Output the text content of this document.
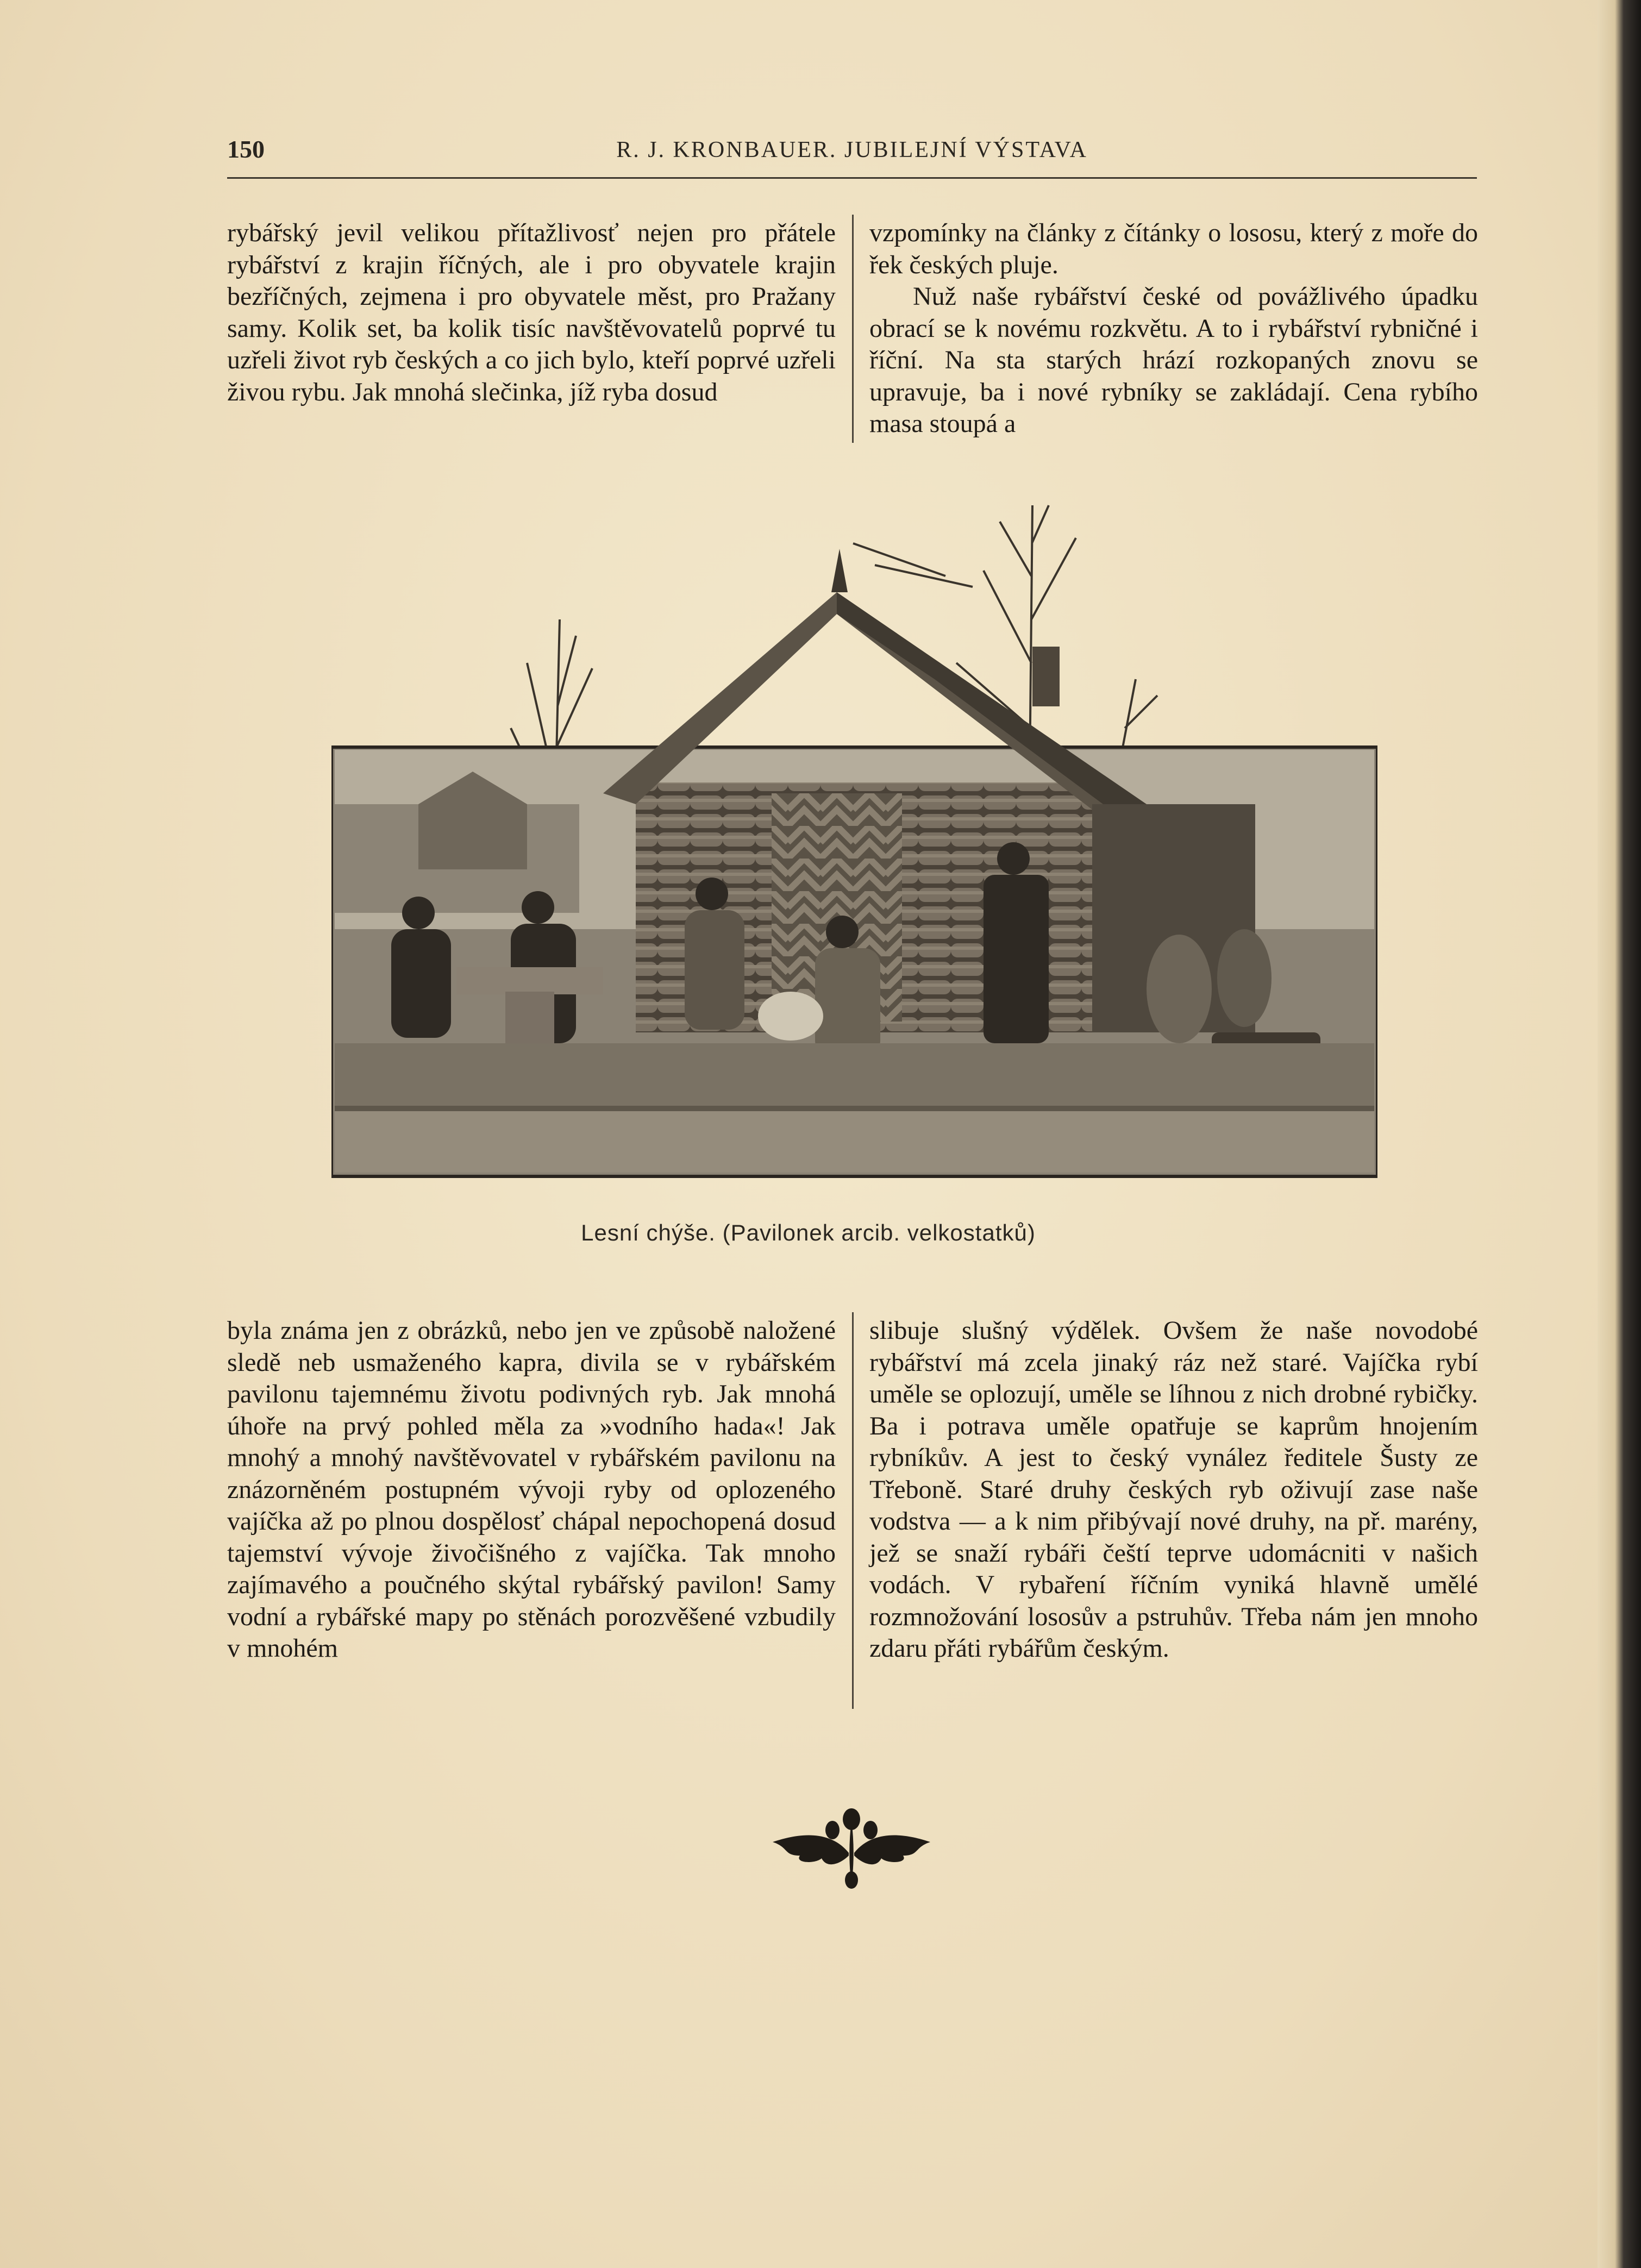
150	R. J. KRONBAUER. JUBILEJNÍ VÝSTAVA

rybářský jevil velikou přítažlivosť nejen pro přátele rybářství z krajin říčných, ale i pro obyvatele krajin bezříčných, zejmena i pro obyvatele měst, pro Pražany samy. Kolik set, ba kolik tisíc navštěvovatelů poprvé tu uzřeli život ryb českých a co jich bylo, kteří poprvé uzřeli živou rybu. Jak mnohá slečinka, jíž ryba dosud

vzpomínky na články z čítánky o lososu, který z moře do řek českých pluje.

Nuž naše rybářství české od povážlivého úpadku obrací se k novému rozkvětu. A to i rybářství rybničné i říční. Na sta starých hrází rozkopaných znovu se upravuje, ba i nové rybníky se zakládají. Cena rybího masa stoupá a

Lesní chýše. (Pavilonek arcib. velkostatků)

byla známa jen z obrázků, nebo jen ve způsobě naložené sledě neb usmaženého kapra, divila se v rybářském pavilonu tajemnému životu podivných ryb. Jak mnohá úhoře na prvý pohled měla za »vodního hada«! Jak mnohý a mnohý navštěvovatel v rybářském pavilonu na znázorněném postupném vývoji ryby od oplozeného vajíčka až po plnou dospělosť chápal nepochopená dosud tajemství vývoje živočišného z vajíčka. Tak mnoho zajímavého a poučného skýtal rybářský pavilon! Samy vodní a rybářské mapy po stěnách porozvěšené vzbudily v mnohém

slibuje slušný výdělek. Ovšem že naše novodobé rybářství má zcela jinaký ráz než staré. Vajíčka rybí uměle se oplozují, uměle se líhnou z nich drobné rybičky. Ba i potrava uměle opatřuje se kaprům hnojením rybníkův. A jest to český vynález ředitele Šusty ze Třeboně. Staré druhy českých ryb oživují zase naše vodstva — a k nim přibývají nové druhy, na př. marény, jež se snaží rybáři čeští teprve udomácniti v našich vodách. V rybaření říčním vyniká hlavně umělé rozmnožování lososův a pstruhův. Třeba nám jen mnoho zdaru přáti rybářům českým.
